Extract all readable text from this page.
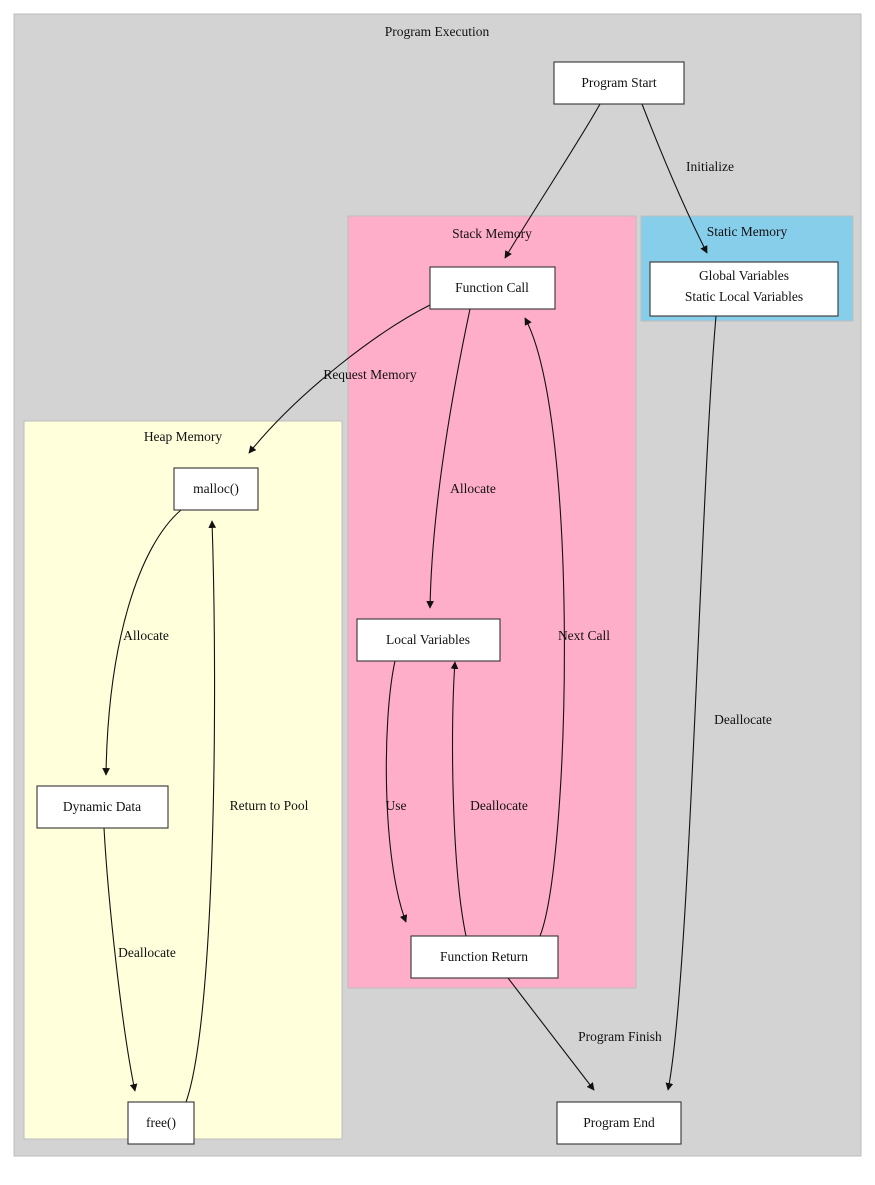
Program Execution
Stack Memory	Static Memory
Heap Memory
Initialize
Request Memory
Allocate
Allocate
Deallocate
Return to Pool	Use	Deallocate
Next Call
Program Finish
Deallocate
Program Start
Function Call
Global Variables
Static Local Variables
malloc()
Local Variables
Dynamic Data
Function Return
free()	Program End
